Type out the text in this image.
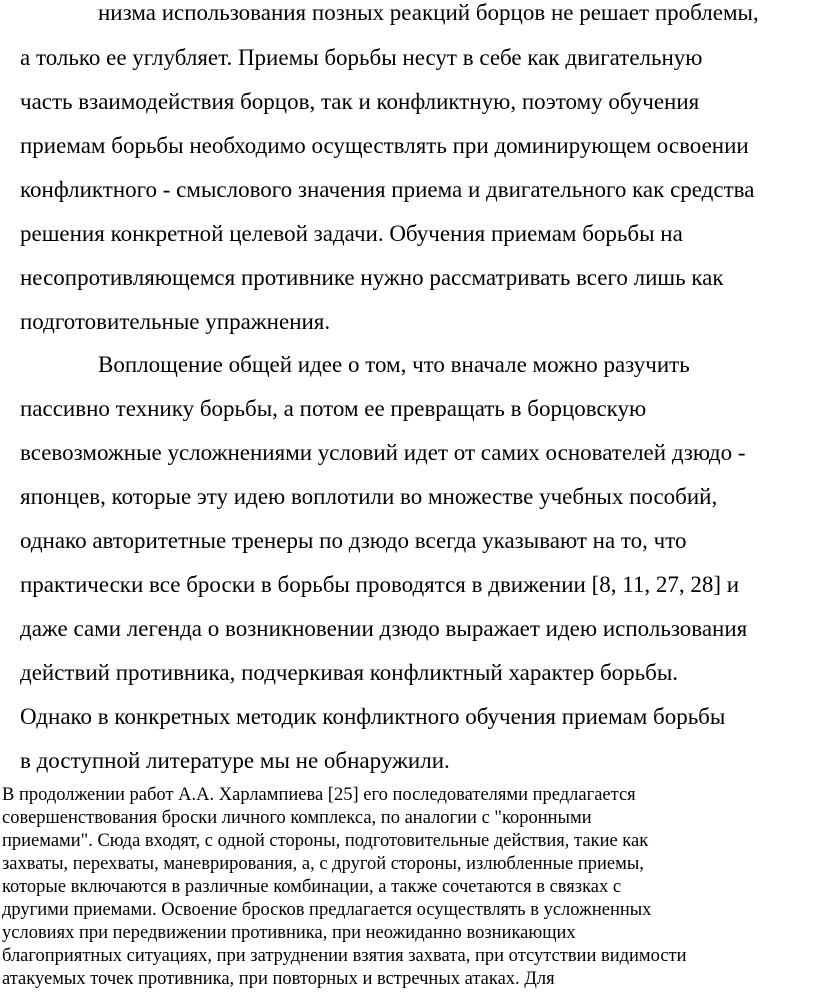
низма использования позных реакций борцов не решает проблемы,
а только ее углубляет. Приемы борьбы несут в себе как двигательную
часть взаимодействия борцов, так и конфликтную, поэтому обучения
приемам борьбы необходимо осуществлять при доминирующем освоении
конфликтного - смыслового значения приема и двигательного как средства
решения конкретной целевой задачи. Обучения приемам борьбы на
несопротивляющемся противнике нужно рассматривать всего лишь как
подготовительные упражнения.
Воплощение общей идее о том, что вначале можно разучить
пассивно технику борьбы, а потом ее превращать в борцовскую
всевозможные усложнениями условий идет от самих основателей дзюдо -
японцев, которые эту идею воплотили во множестве учебных пособий,
однако авторитетные тренеры по дзюдо всегда указывают на то, что
практически все броски в борьбы проводятся в движении [8, 11, 27, 28] и
даже сами легенда о возникновении дзюдо выражает идею использования
действий противника, подчеркивая конфликтный характер борьбы.
Однако в конкретных методик конфликтного обучения приемам борьбы
в доступной литературе мы не обнаружили.
В продолжении работ А.А. Харлампиева [25] его последователями предлагается
совершенствования броски личного комплекса, по аналогии с "коронными
приемами". Сюда входят, с одной стороны, подготовительные действия, такие как
захваты, перехваты, маневрирования, а, с другой стороны, излюбленные приемы,
которые включаются в различные комбинации, а также сочетаются в связках с
другими приемами. Освоение бросков предлагается осуществлять в усложненных
условиях при передвижении противника, при неожиданно возникающих
благоприятных ситуациях, при затруднении взятия захвата, при отсутствии видимости
атакуемых точек противника, при повторных и встречных атаках. Для
